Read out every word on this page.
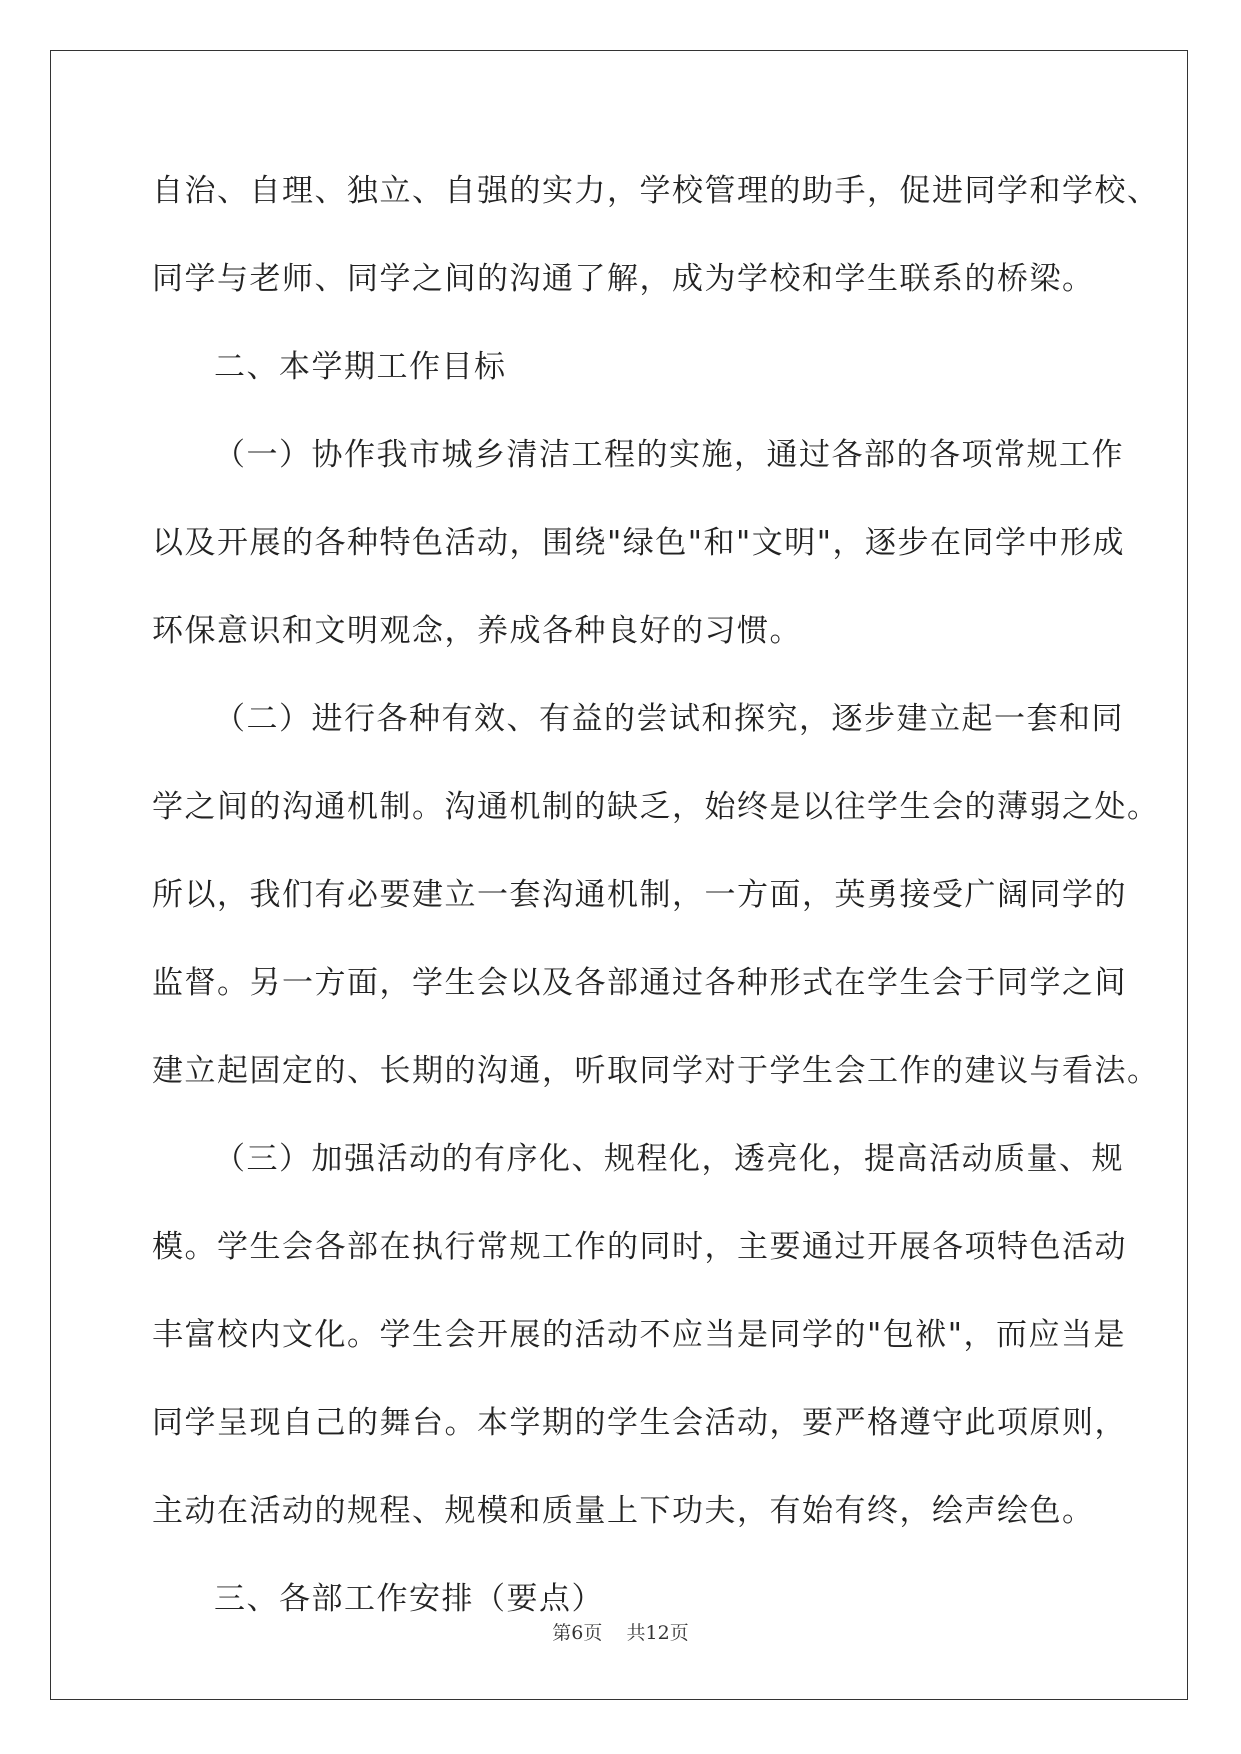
自治、自理、独立、自强的实力，学校管理的助手，促进同学和学校、

同学与老师、同学之间的沟通了解，成为学校和学生联系的桥梁。

二、本学期工作目标

（一）协作我市城乡清洁工程的实施，通过各部的各项常规工作

以及开展的各种特色活动，围绕"绿色"和"文明"，逐步在同学中形成

环保意识和文明观念，养成各种良好的习惯。

（二）进行各种有效、有益的尝试和探究，逐步建立起一套和同

学之间的沟通机制。沟通机制的缺乏，始终是以往学生会的薄弱之处。

所以，我们有必要建立一套沟通机制，一方面，英勇接受广阔同学的

监督。另一方面，学生会以及各部通过各种形式在学生会于同学之间

建立起固定的、长期的沟通，听取同学对于学生会工作的建议与看法。

（三）加强活动的有序化、规程化，透亮化，提高活动质量、规

模。学生会各部在执行常规工作的同时，主要通过开展各项特色活动

丰富校内文化。学生会开展的活动不应当是同学的"包袱"，而应当是

同学呈现自己的舞台。本学期的学生会活动，要严格遵守此项原则，

主动在活动的规程、规模和质量上下功夫，有始有终，绘声绘色。

三、各部工作安排（要点）

第6页 共12页
